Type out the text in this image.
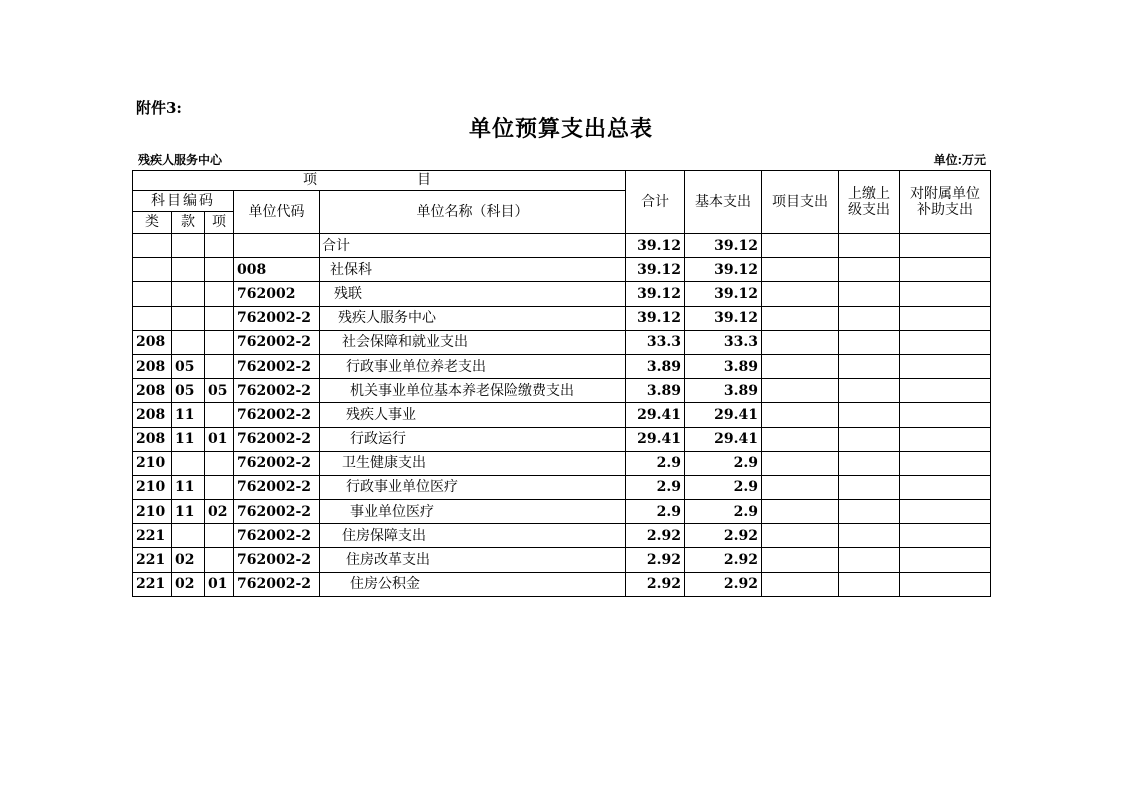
附件3:
单位预算支出总表
残疾人服务中心	单位:万元
项　　目					合计	基本支出	项目支出	上缴上级支出	对附属单位补助支出
科目编码			单位代码	单位名称（科目）					
类	款	项							
				合计	39.12	39.12			
			008	社保科	39.12	39.12			
			762002	残联	39.12	39.12			
			762002-2	残疾人服务中心	39.12	39.12			
208			762002-2	社会保障和就业支出	33.3	33.3			
208	05		762002-2	行政事业单位养老支出	3.89	3.89			
208	05	05	762002-2	机关事业单位基本养老保险缴费支出	3.89	3.89			
208	11		762002-2	残疾人事业	29.41	29.41			
208	11	01	762002-2	行政运行	29.41	29.41			
210			762002-2	卫生健康支出	2.9	2.9			
210	11		762002-2	行政事业单位医疗	2.9	2.9			
210	11	02	762002-2	事业单位医疗	2.9	2.9			
221			762002-2	住房保障支出	2.92	2.92			
221	02		762002-2	住房改革支出	2.92	2.92			
221	02	01	762002-2	住房公积金	2.92	2.92			
